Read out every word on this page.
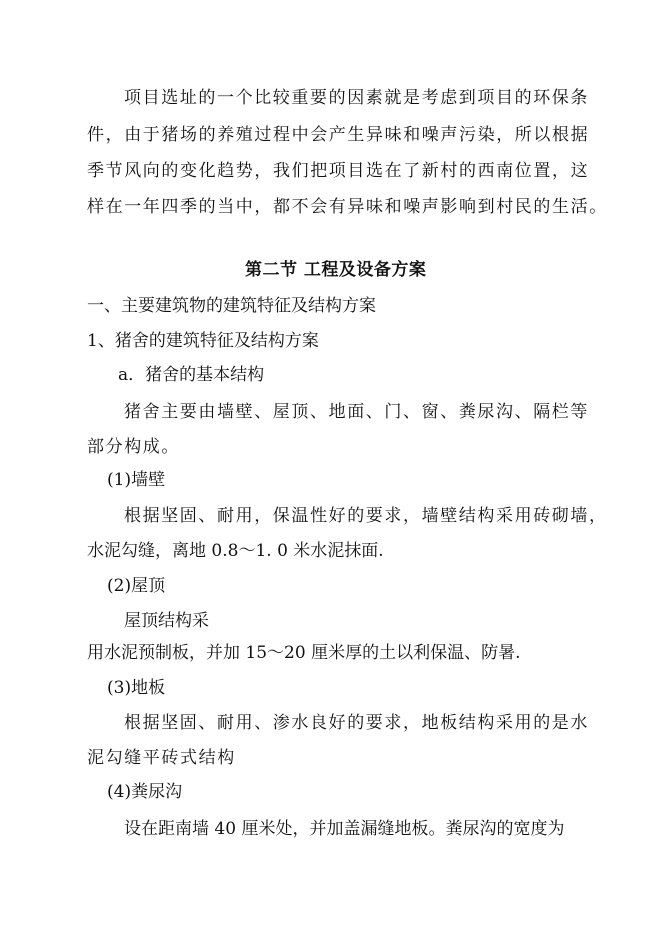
项目选址的一个比较重要的因素就是考虑到项目的环保条
件，由于猪场的养殖过程中会产生异味和噪声污染，所以根据
季节风向的变化趋势，我们把项目选在了新村的西南位置，这
样在一年四季的当中，都不会有异味和噪声影响到村民的生活。
第二节 工程及设备方案
一、主要建筑物的建筑特征及结构方案
1、猪舍的建筑特征及结构方案
a．猪舍的基本结构
猪舍主要由墙壁、屋顶、地面、门、窗、粪尿沟、隔栏等
部分构成。
(1)墙壁
根据坚固、耐用，保温性好的要求，墙壁结构采用砖砌墙，
水泥勾缝，离地 0.8～1. 0 米水泥抹面.
(2)屋顶
屋顶结构采
用水泥预制板，并加 15～20 厘米厚的土以利保温、防暑.
(3)地板
根据坚固、耐用、渗水良好的要求，地板结构采用的是水
泥勾缝平砖式结构
(4)粪尿沟
设在距南墙 40 厘米处，并加盖漏缝地板。粪尿沟的宽度为
